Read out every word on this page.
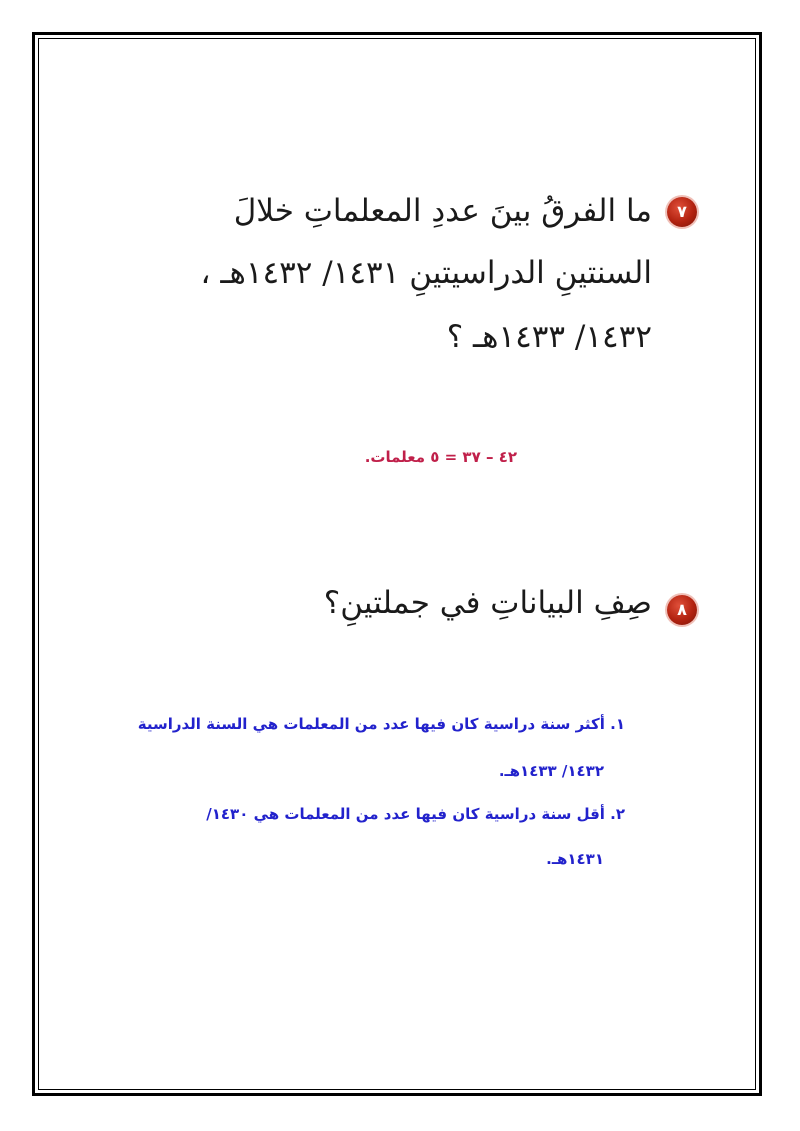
٧
ما الفرقُ بينَ عددِ المعلماتِ خلالَ
السنتينِ الدراسيتينِ ١٤٣١/ ١٤٣٢هـ ،
١٤٣٢/ ١٤٣٣هـ ؟
٤٢ – ٣٧ = ٥ معلمات.
٨
صِفِ البياناتِ في جملتينِ؟
١. أكثر سنة دراسية كان فيها عدد من المعلمات هي السنة الدراسية
١٤٣٢/ ١٤٣٣هـ.
٢. أقل سنة دراسية كان فيها عدد من المعلمات هي ١٤٣٠/
١٤٣١هـ.
